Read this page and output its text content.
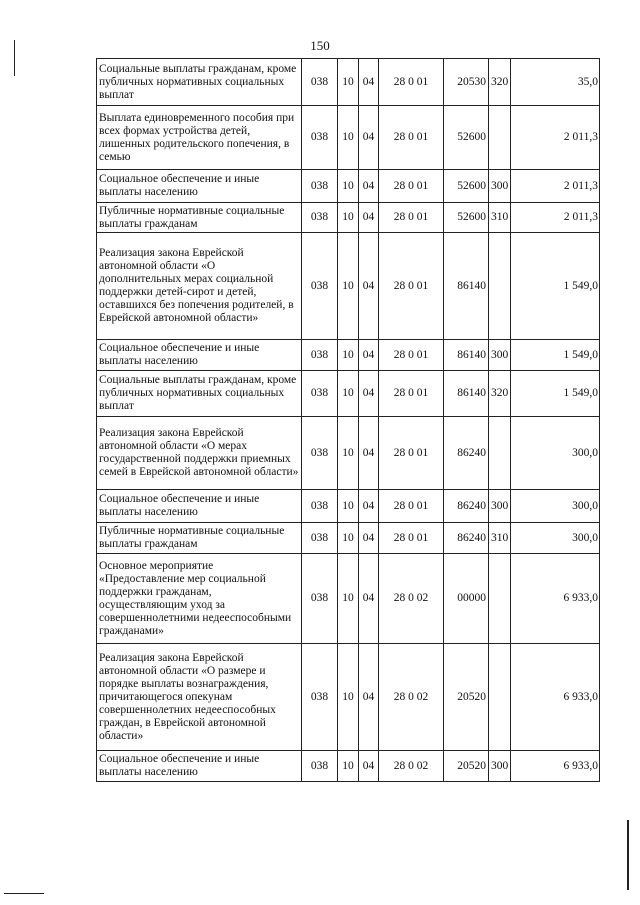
150
Социальные выплаты гражданам, кроме публичных нормативных социальных выплат	038	10	04	28 0 01	20530	320	35,0
Выплата единовременного пособия при всех формах устройства детей, лишенных родительского попечения, в семью	038	10	04	28 0 01	52600		2 011,3
Социальное обеспечение и иные выплаты населению	038	10	04	28 0 01	52600	300	2 011,3
Публичные нормативные социальные выплаты гражданам	038	10	04	28 0 01	52600	310	2 011,3
Реализация закона Еврейской автономной области «О дополнительных мерах социальной поддержки детей-сирот и детей, оставшихся без попечения родителей, в Еврейской автономной области»	038	10	04	28 0 01	86140		1 549,0
Социальное обеспечение и иные выплаты населению	038	10	04	28 0 01	86140	300	1 549,0
Социальные выплаты гражданам, кроме публичных нормативных социальных выплат	038	10	04	28 0 01	86140	320	1 549,0
Реализация закона Еврейской автономной области «О мерах государственной поддержки приемных семей в Еврейской автономной области»	038	10	04	28 0 01	86240		300,0
Социальное обеспечение и иные выплаты населению	038	10	04	28 0 01	86240	300	300,0
Публичные нормативные социальные выплаты гражданам	038	10	04	28 0 01	86240	310	300,0
Основное мероприятие «Предоставление мер социальной поддержки гражданам, осуществляющим уход за совершеннолетними недееспособными гражданами»	038	10	04	28 0 02	00000		6 933,0
Реализация закона Еврейской автономной области «О размере и порядке выплаты вознаграждения, причитающегося опекунам совершеннолетних недееспособных граждан, в Еврейской автономной области»	038	10	04	28 0 02	20520		6 933,0
Социальное обеспечение и иные выплаты населению	038	10	04	28 0 02	20520	300	6 933,0
